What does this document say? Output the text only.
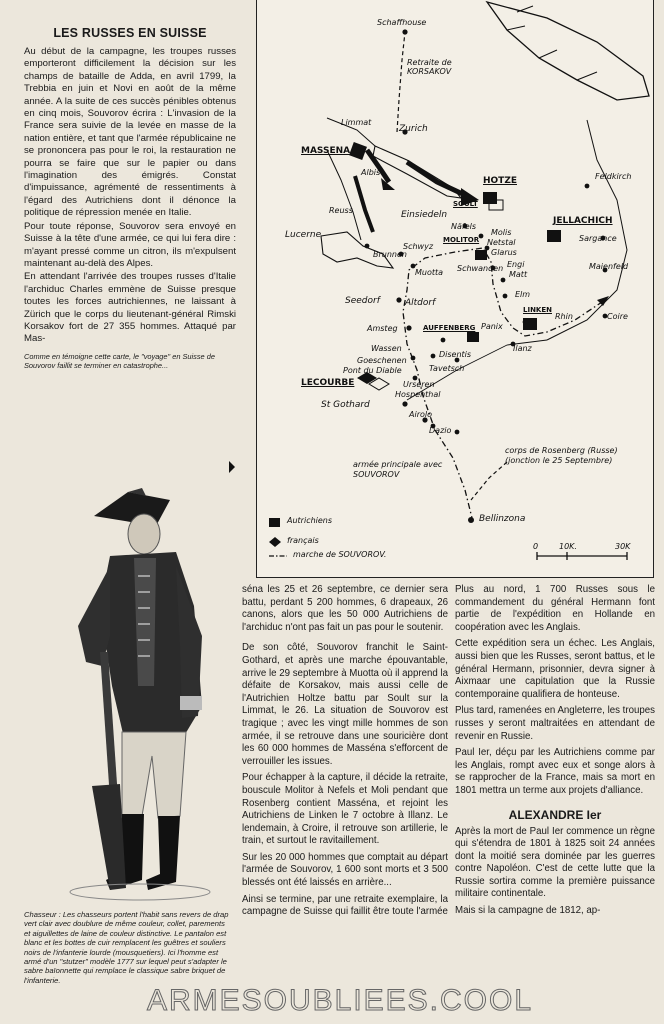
LES RUSSES EN SUISSE

Au début de la campagne, les troupes russes emporteront difficilement la décision sur les champs de bataille de Adda, en avril 1799, la Trebbia en juin et Novi en août de la même année. A la suite de ces succès pénibles obtenus en cinq mois, Souvorov écrira : L'invasion de la France sera suivie de la levée en masse de la nation entière, et tant que l'armée républicaine ne se prononcera pas pour le roi, la restauration ne pourra se faire que sur le papier ou dans l'imagination des émigrés. Constat d'impuissance, agrémenté de ressentiments à l'égard des Autrichiens dont il dénonce la politique de répression menée en Italie.

Pour toute réponse, Souvorov sera envoyé en Suisse à la tête d'une armée, ce qui lui fera dire : m'ayant pressé comme un citron, ils m'expulsent maintenant au-delà des Alpes.

En attendant l'arrivée des troupes russes d'Italie l'archiduc Charles emmène de Suisse presque toutes les forces autrichiennes, ne laissant à Zürich que le corps du lieutenant-général Rimski Korsakov fort de 27 355 hommes. Attaqué par Mas-

Comme en témoigne cette carte, le "voyage" en Suisse de Souvorov faillit se terminer en catastrophe...
Schaffhouse
Retraite de KORSAKOV
Limmat
Zurich
MASSENA
Albis
HOTZE	Feldkirch
Reuss
SOULT
Einsiedeln
Näfels
JELLACHICH
Lucerne	MOLITOR
Molis
Netstal
Glarus
Sargance
Schwyz
Brunnen
Muotta Schwanden Engi
Matt
Maienfeld
Elm
Seedorf	Altdorf
LINKEN
Rhin	Coire
Amsteg	AUFFENBERG Panix
Ilanz
Wassen
Goeschenen
Disentis
Pont du Diable	Tavetsch
LECOURBE	Urseren
Hospenthal
St Gothard
Airolo
Dazio
corps de Rosenberg (Russe) (jonction le 25 Septembre)
armée principale avec SOUVOROV
Bellinzona
Autrichiens
français
marche de SOUVOROV.
0	10K.	30K
Chasseur : Les chasseurs portent l'habit sans revers de drap vert clair avec doublure de même couleur, collet, parements et aiguillettes de laine de couleur distinctive. Le pantalon est blanc et les bottes de cuir remplacent les guêtres et souliers noirs de l'infanterie lourde (mousquetiers). Ici l'homme est armé d'un "stutzer" modèle 1777 sur lequel peut s'adapter le sabre baïonnette qui remplace le classique sabre briquet de l'infanterie.

séna les 25 et 26 septembre, ce dernier sera battu, perdant 5 200 hommes, 6 drapeaux, 26 canons, alors que les 50 000 Autrichiens de l'archiduc n'ont pas fait un pas pour le soutenir.

De son côté, Souvorov franchit le Saint-Gothard, et après une marche épouvantable, arrive le 29 septembre à Muotta où il apprend la défaite de Korsakov, mais aussi celle de l'Autrichien Holtze battu par Soult sur la Limmat, le 26. La situation de Souvorov est tragique ; avec les vingt mille hommes de son armée, il se retrouve dans une souricière dont les 60 000 hommes de Masséna s'efforcent de verrouiller les issues.

Pour échapper à la capture, il décide la retraite, bouscule Molitor à Nefels et Moli pendant que Rosenberg contient Masséna, et rejoint les Autrichiens de Linken le 7 octobre à Illanz. Le lendemain, à Croire, il retrouve son artillerie, le train, et surtout le ravitaillement.

Sur les 20 000 hommes que comptait au départ l'armée de Souvorov, 1 600 sont morts et 3 500 blessés ont été laissés en arrière...

Ainsi se termine, par une retraite exemplaire, la campagne de Suisse qui faillit être toute l'armée

Plus au nord, 1 700 Russes sous le commandement du général Hermann font partie de l'expédition en Hollande en coopération avec les Anglais.

Cette expédition sera un échec. Les Anglais, aussi bien que les Russes, seront battus, et le général Hermann, prisonnier, devra signer à Aixmaar une capitulation que la Russie contemporaine qualifiera de honteuse.

Plus tard, ramenées en Angleterre, les troupes russes y seront maltraitées en attendant de revenir en Russie.

Paul Ier, déçu par les Autrichiens comme par les Anglais, rompt avec eux et songe alors à se rapprocher de la France, mais sa mort en 1801 mettra un terme aux projets d'alliance.

ALEXANDRE Ier

Après la mort de Paul Ier commence un règne qui s'étendra de 1801 à 1825 soit 24 années dont la moitié sera dominée par les guerres contre Napoléon. C'est de cette lutte que la Russie sortira comme la première puissance militaire continentale.

Mais si la campagne de 1812, ap-

ARMESOUBLIEES.COOL
